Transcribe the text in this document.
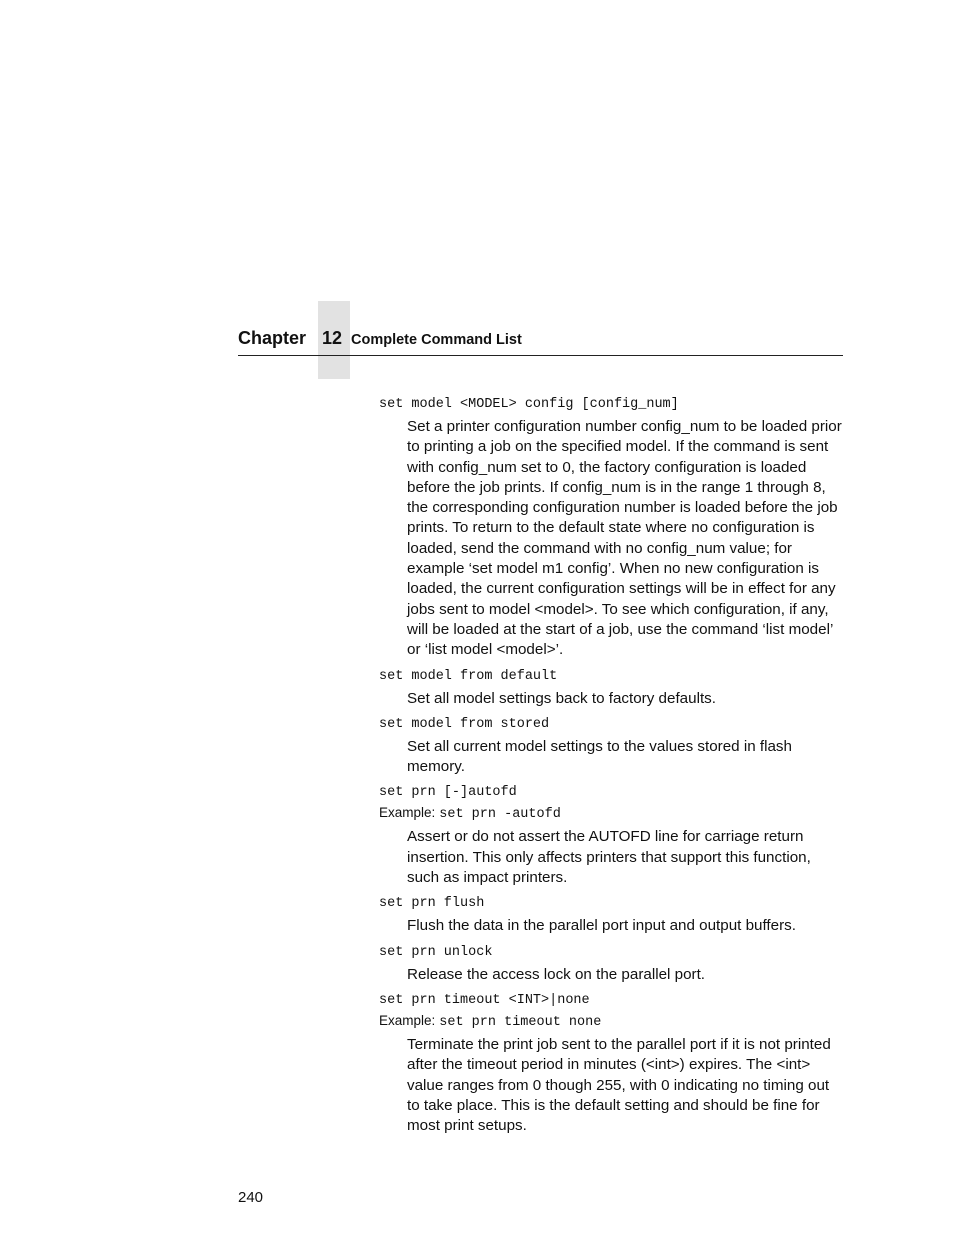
Chapter 12 Complete Command List
set model <MODEL> config [config_num]
Set a printer configuration number config_num to be loaded prior to printing a job on the specified model. If the command is sent with config_num set to 0, the factory configuration is loaded before the job prints. If config_num is in the range 1 through 8, the corresponding configuration number is loaded before the job prints. To return to the default state where no configuration is loaded, send the command with no config_num value; for example ‘set model m1 config’. When no new configuration is loaded, the current configuration settings will be in effect for any jobs sent to model <model>. To see which configuration, if any, will be loaded at the start of a job, use the command ‘list model’ or ‘list model <model>’.
set model from default
Set all model settings back to factory defaults.
set model from stored
Set all current model settings to the values stored in flash memory.
set prn [-]autofd
Example: set prn -autofd
Assert or do not assert the AUTOFD line for carriage return insertion. This only affects printers that support this function, such as impact printers.
set prn flush
Flush the data in the parallel port input and output buffers.
set prn unlock
Release the access lock on the parallel port.
set prn timeout <INT>|none
Example: set prn timeout none
Terminate the print job sent to the parallel port if it is not printed after the timeout period in minutes (<int>) expires. The <int> value ranges from 0 though 255, with 0 indicating no timing out to take place. This is the default setting and should be fine for most print setups.
240
